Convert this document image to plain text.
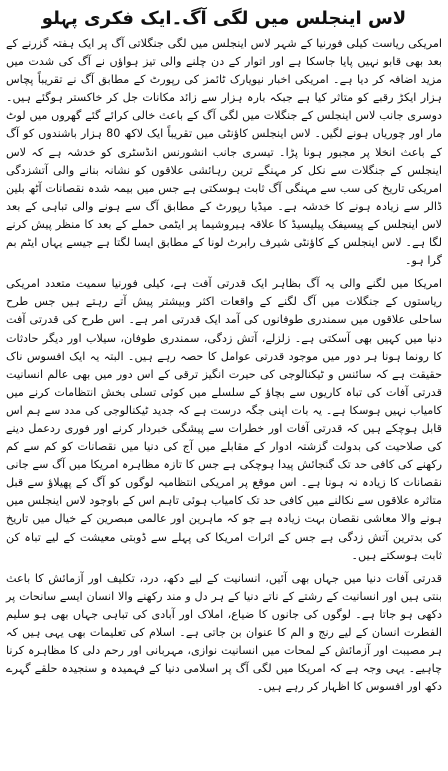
لاس اینجلس میں لگی آگ۔ایک فکری پہلو

امریکی ریاست کیلی فورنیا کے شہر لاس اینجلس میں لگی جنگلاتی آگ پر ایک ہفتہ گزرنے کے بعد بھی قابو نہیں پایا جاسکا ہے اور اتوار کے دن چلنے والی تیز ہواؤں نے آگ کی شدت میں مزید اضافہ کر دیا ہے۔ امریکی اخبار نیویارک ٹائمز کی رپورٹ کے مطابق آگ نے تقریباً پچاس ہزار ایکڑ رقبے کو متاثر کیا ہے جبکہ بارہ ہزار سے زائد مکانات جل کر خاکستر ہوگئے ہیں۔ دوسری جانب لاس اینجلس کے جنگلات میں لگی آگ کے باعث خالی کرائے گئے گھروں میں لوٹ مار اور چوریاں ہونے لگیں۔ لاس اینجلس کاؤنٹی میں تقریباً ایک لاکھ 80 ہزار باشندوں کو آگ کے باعث انخلا پر مجبور ہونا پڑا۔ تیسری جانب انشورنس انڈسٹری کو خدشہ ہے کہ لاس اینجلس کے جنگلات سے نکل کر مہنگے ترین رہائشی علاقوں کو نشانہ بنانے والی آتشزدگی امریکی تاریخ کی سب سے مہنگی آگ ثابت ہوسکتی ہے جس میں بیمہ شدہ نقصانات آٹھ بلین ڈالر سے زیادہ ہونے کا خدشہ ہے۔ میڈیا رپورٹ کے مطابق آگ سے ہونے والی تباہی کے بعد لاس اینجلس کے پیسیفک پیلیسیڈ کا علاقہ ہیروشیما پر ایٹمی حملے کے بعد کا منظر پیش کرنے لگا ہے۔ لاس اینجلس کے کاؤنٹی شیرف رابرٹ لونا کے مطابق ایسا لگتا ہے جیسے یہاں ایٹم بم گرا ہو۔

امریکا میں لگنے والی یہ آگ بظاہر ایک قدرتی آفت ہے، کیلی فورنیا سمیت متعدد امریکی ریاستوں کے جنگلات میں آگ لگنے کے واقعات اکثر وبیشتر پیش آتے رہتے ہیں جس طرح ساحلی علاقوں میں سمندری طوفانوں کی آمد ایک قدرتی امر ہے۔ اس طرح کی قدرتی آفت دنیا میں کہیں بھی آسکتی ہے۔ زلزلے، آتش زدگی، سمندری طوفان، سیلاب اور دیگر حادثات کا رونما ہونا ہر دور میں موجود قدرتی عوامل کا حصہ رہے ہیں۔ البتہ یہ ایک افسوس ناک حقیقت ہے کہ سائنس و ٹیکنالوجی کی حیرت انگیز ترقی کے اس دور میں بھی عالم انسانیت قدرتی آفات کی تباہ کاریوں سے بچاؤ کے سلسلے میں کوئی تسلی بخش انتظامات کرنے میں کامیاب نہیں ہوسکا ہے۔ یہ بات اپنی جگہ درست ہے کہ جدید ٹیکنالوجی کی مدد سے ہم اس قابل ہوچکے ہیں کہ قدرتی آفات اور خطرات سے پیشگی خبردار کرنے اور فوری ردعمل دینے کی صلاحیت کی بدولت گزشتہ ادوار کے مقابلے میں آج کی دنیا میں نقصانات کو کم سے کم رکھنے کی کافی حد تک گنجائش پیدا ہوچکی ہے جس کا تازہ مظاہرہ امریکا میں آگ سے جانی نقصانات کا زیادہ نہ ہونا ہے۔ اس موقع پر امریکی انتظامیہ لوگوں کو آگ کے پھیلاؤ سے قبل متاثرہ علاقوں سے نکالنے میں کافی حد تک کامیاب ہوئی تاہم اس کے باوجود لاس اینجلس میں ہونے والا معاشی نقصان بہت زیادہ ہے جو کہ ماہرین اور عالمی مبصرین کے خیال میں تاریخ کی بدترین آتش زدگی ہے جس کے اثرات امریکا کی پہلے سے ڈوبتی معیشت کے لیے تباہ کن ثابت ہوسکتے ہیں۔

قدرتی آفات دنیا میں جہاں بھی آئیں، انسانیت کے لیے دکھ، درد، تکلیف اور آزمائش کا باعث بنتی ہیں اور انسانیت کے رشتے کے ناتے دنیا کے ہر دل و مند رکھنے والا انسان ایسے سانحات پر دکھی ہو جاتا ہے۔ لوگوں کی جانوں کا ضیاع، املاک اور آبادی کی تباہی جہاں بھی ہو سلیم الفطرت انسان کے لیے رنج و الم کا عنوان بن جاتی ہے۔ اسلام کی تعلیمات بھی یہی ہیں کہ ہر مصیبت اور آزمائش کے لمحات میں انسانیت نوازی، مہربانی اور رحم دلی کا مظاہرہ کرنا چاہیے۔ یہی وجہ ہے کہ امریکا میں لگی آگ پر اسلامی دنیا کے فہمیدہ و سنجیدہ حلقے گہرے دکھ اور افسوس کا اظہار کر رہے ہیں۔
